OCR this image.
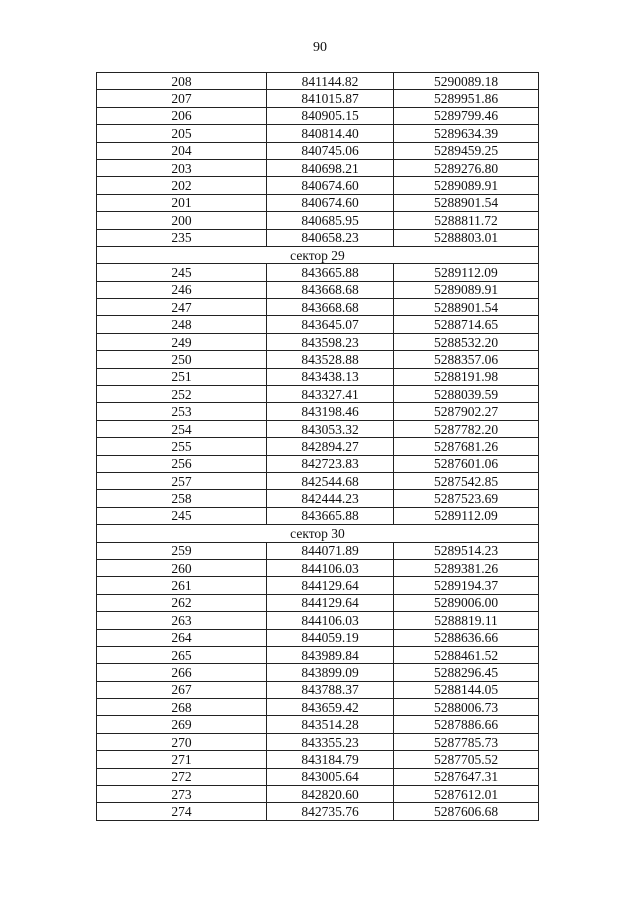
90
208	841144.82	5290089.18
207	841015.87	5289951.86
206	840905.15	5289799.46
205	840814.40	5289634.39
204	840745.06	5289459.25
203	840698.21	5289276.80
202	840674.60	5289089.91
201	840674.60	5288901.54
200	840685.95	5288811.72
235	840658.23	5288803.01
сектор 29		
245	843665.88	5289112.09
246	843668.68	5289089.91
247	843668.68	5288901.54
248	843645.07	5288714.65
249	843598.23	5288532.20
250	843528.88	5288357.06
251	843438.13	5288191.98
252	843327.41	5288039.59
253	843198.46	5287902.27
254	843053.32	5287782.20
255	842894.27	5287681.26
256	842723.83	5287601.06
257	842544.68	5287542.85
258	842444.23	5287523.69
245	843665.88	5289112.09
сектор 30		
259	844071.89	5289514.23
260	844106.03	5289381.26
261	844129.64	5289194.37
262	844129.64	5289006.00
263	844106.03	5288819.11
264	844059.19	5288636.66
265	843989.84	5288461.52
266	843899.09	5288296.45
267	843788.37	5288144.05
268	843659.42	5288006.73
269	843514.28	5287886.66
270	843355.23	5287785.73
271	843184.79	5287705.52
272	843005.64	5287647.31
273	842820.60	5287612.01
274	842735.76	5287606.68
